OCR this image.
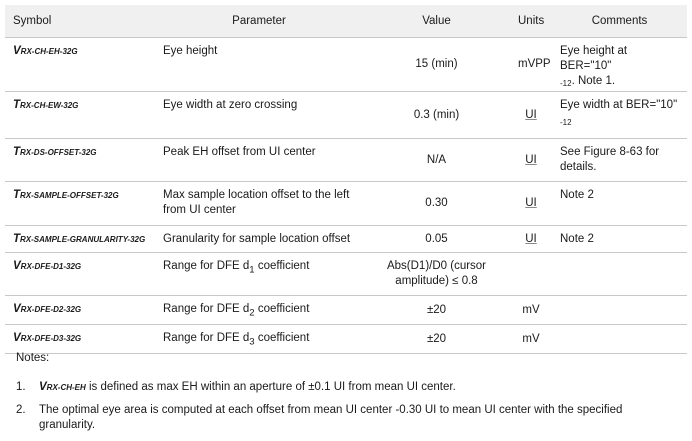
Symbol	Parameter	Value	Units	Comments
VRX-CH-EH-32G	Eye height	15 (min)	mVPP	Eye height at BER="10"
$^{-12}$. Note 1.
TRX-CH-EW-32G	Eye width at zero crossing	0.3 (min)	UI	Eye width at BER="10"
$^{-12}$
TRX-DS-OFFSET-32G	Peak EH offset from UI center	N/A	UI	See Figure 8-63 for
details.
TRX-SAMPLE-OFFSET-32G	Max sample location offset to the left
from UI center	0.30	UI	Note 2
TRX-SAMPLE-GRANULARITY-32G	Granularity for sample location offset	0.05	UI	Note 2
VRX-DFE-D1-32G	Range for DFE $d_1$ coefficient	Abs(D1)/D0 (cursor
amplitude) ≤ 0.8		
VRX-DFE-D2-32G	Range for DFE $d_2$ coefficient	±20	mV	
VRX-DFE-D3-32G	Range for DFE $d_3$ coefficient	±20	mV	
Notes:
1.	VRX-CH-EH is defined as max EH within an aperture of ±0.1 UI from mean UI center.
2.	The optimal eye area is computed at each offset from mean UI center -0.30 UI to mean UI center with the specified granularity.
